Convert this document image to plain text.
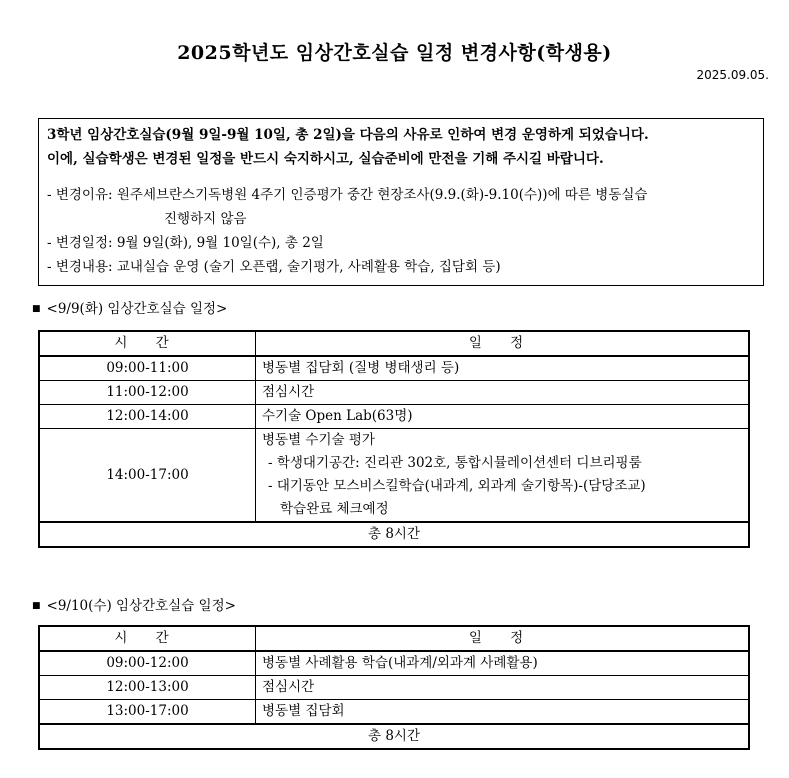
2025학년도 임상간호실습 일정 변경사항(학생용)
2025.09.05.
3학년 임상간호실습(9월 9일-9월 10일, 총 2일)을 다음의 사유로 인하여 변경 운영하게 되었습니다.
이에, 실습학생은 변경된 일정을 반드시 숙지하시고, 실습준비에 만전을 기해 주시길 바랍니다.
- 변경이유: 원주세브란스기독병원 4주기 인증평가 중간 현장조사(9.9.(화)-9.10(수))에 따른 병동실습
진행하지 않음
- 변경일정: 9월 9일(화), 9월 10일(수), 총 2일
- 변경내용: 교내실습 운영 (술기 오픈랩, 술기평가, 사례활용 학습, 집담회 등)
■ <9/9(화) 임상간호실습 일정>
시 간	일 정
09:00-11:00	병동별 집담회 (질병 병태생리 등)
11:00-12:00	점심시간
12:00-14:00	수기술 Open Lab(63명)
14:00-17:00	병동별 수기술 평가
- 학생대기공간: 진리관 302호, 통합시뮬레이션센터 디브리핑룸
- 대기동안 모스비스킬학습(내과계, 외과계 술기항목)-(담당조교)
학습완료 체크예정

총 8시간	
■ <9/10(수) 임상간호실습 일정>
시 간	일 정
09:00-12:00	병동별 사례활용 학습(내과계/외과계 사례활용)
12:00-13:00	점심시간
13:00-17:00	병동별 집담회
총 8시간	
